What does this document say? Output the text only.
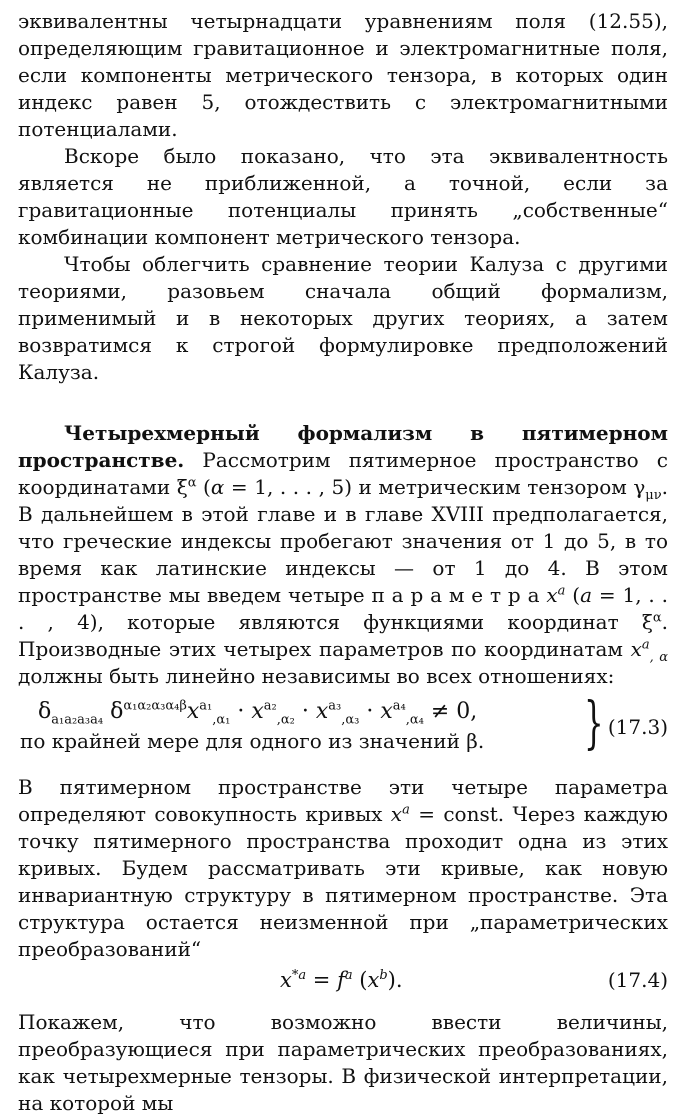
эквивалентны четырнадцати уравнениям поля (12.55), определяющим гравитационное и электромагнитные поля, если компоненты метрического тензора, в которых один индекс равен 5, отождествить с электромагнитными потенциалами.

Вскоре было показано, что эта эквивалентность является не приближенной, а точной, если за гравитационные потенциалы принять „собственные“ комбинации компонент метрического тензора.

Чтобы облегчить сравнение теории Калуза с другими теориями, разовьем сначала общий формализм, применимый и в некоторых других теориях, а затем возвратимся к строгой формулировке предположений Калуза.

Четырехмерный формализм в пятимерном пространстве. Рассмотрим пятимерное пространство с координатами $\xi^\alpha$ (α = 1, . . . , 5) и метрическим тензором $\gamma_{\mu\nu}$. В дальнейшем в этой главе и в главе XVIII предполагается, что греческие индексы пробегают значения от 1 до 5, в то время как латинские индексы — от 1 до 4. В этом пространстве мы введем четыре п а р а м е т р а $x^a$ (a = 1, . . . , 4), которые являются функциями координат $\xi^\alpha$. Производные этих четырех параметров по координатам $x^a_{, \alpha}$ должны быть линейно независимы во всех отношениях:

$\delta_{a_1a_2a_3a_4}$ $\delta^{\alpha_1\alpha_2\alpha_3\alpha_4\beta}x^{a_1}_{,\alpha_1} \cdot x^{a_2}_{,\alpha_2} \cdot x^{a_3}_{,\alpha_3} \cdot x^{a_4}_{,\alpha_4} \ne 0$,
по крайней мере для одного из значений β. } (17.3)

В пятимерном пространстве эти четыре параметра определяют совокупность кривых $x^a$ = const. Через каждую точку пятимерного пространства проходит одна из этих кривых. Будем рассматривать эти кривые, как новую инвариантную структуру в пятимерном пространстве. Эта структура остается неизменной при „параметрических преобразований“

$x^{*a} = f^a$ $(x^b)$.	(17.4)

Покажем, что возможно ввести величины, преобразующиеся при параметрических преобразованиях, как четырехмерные тензоры. В физической интерпретации, на которой мы
